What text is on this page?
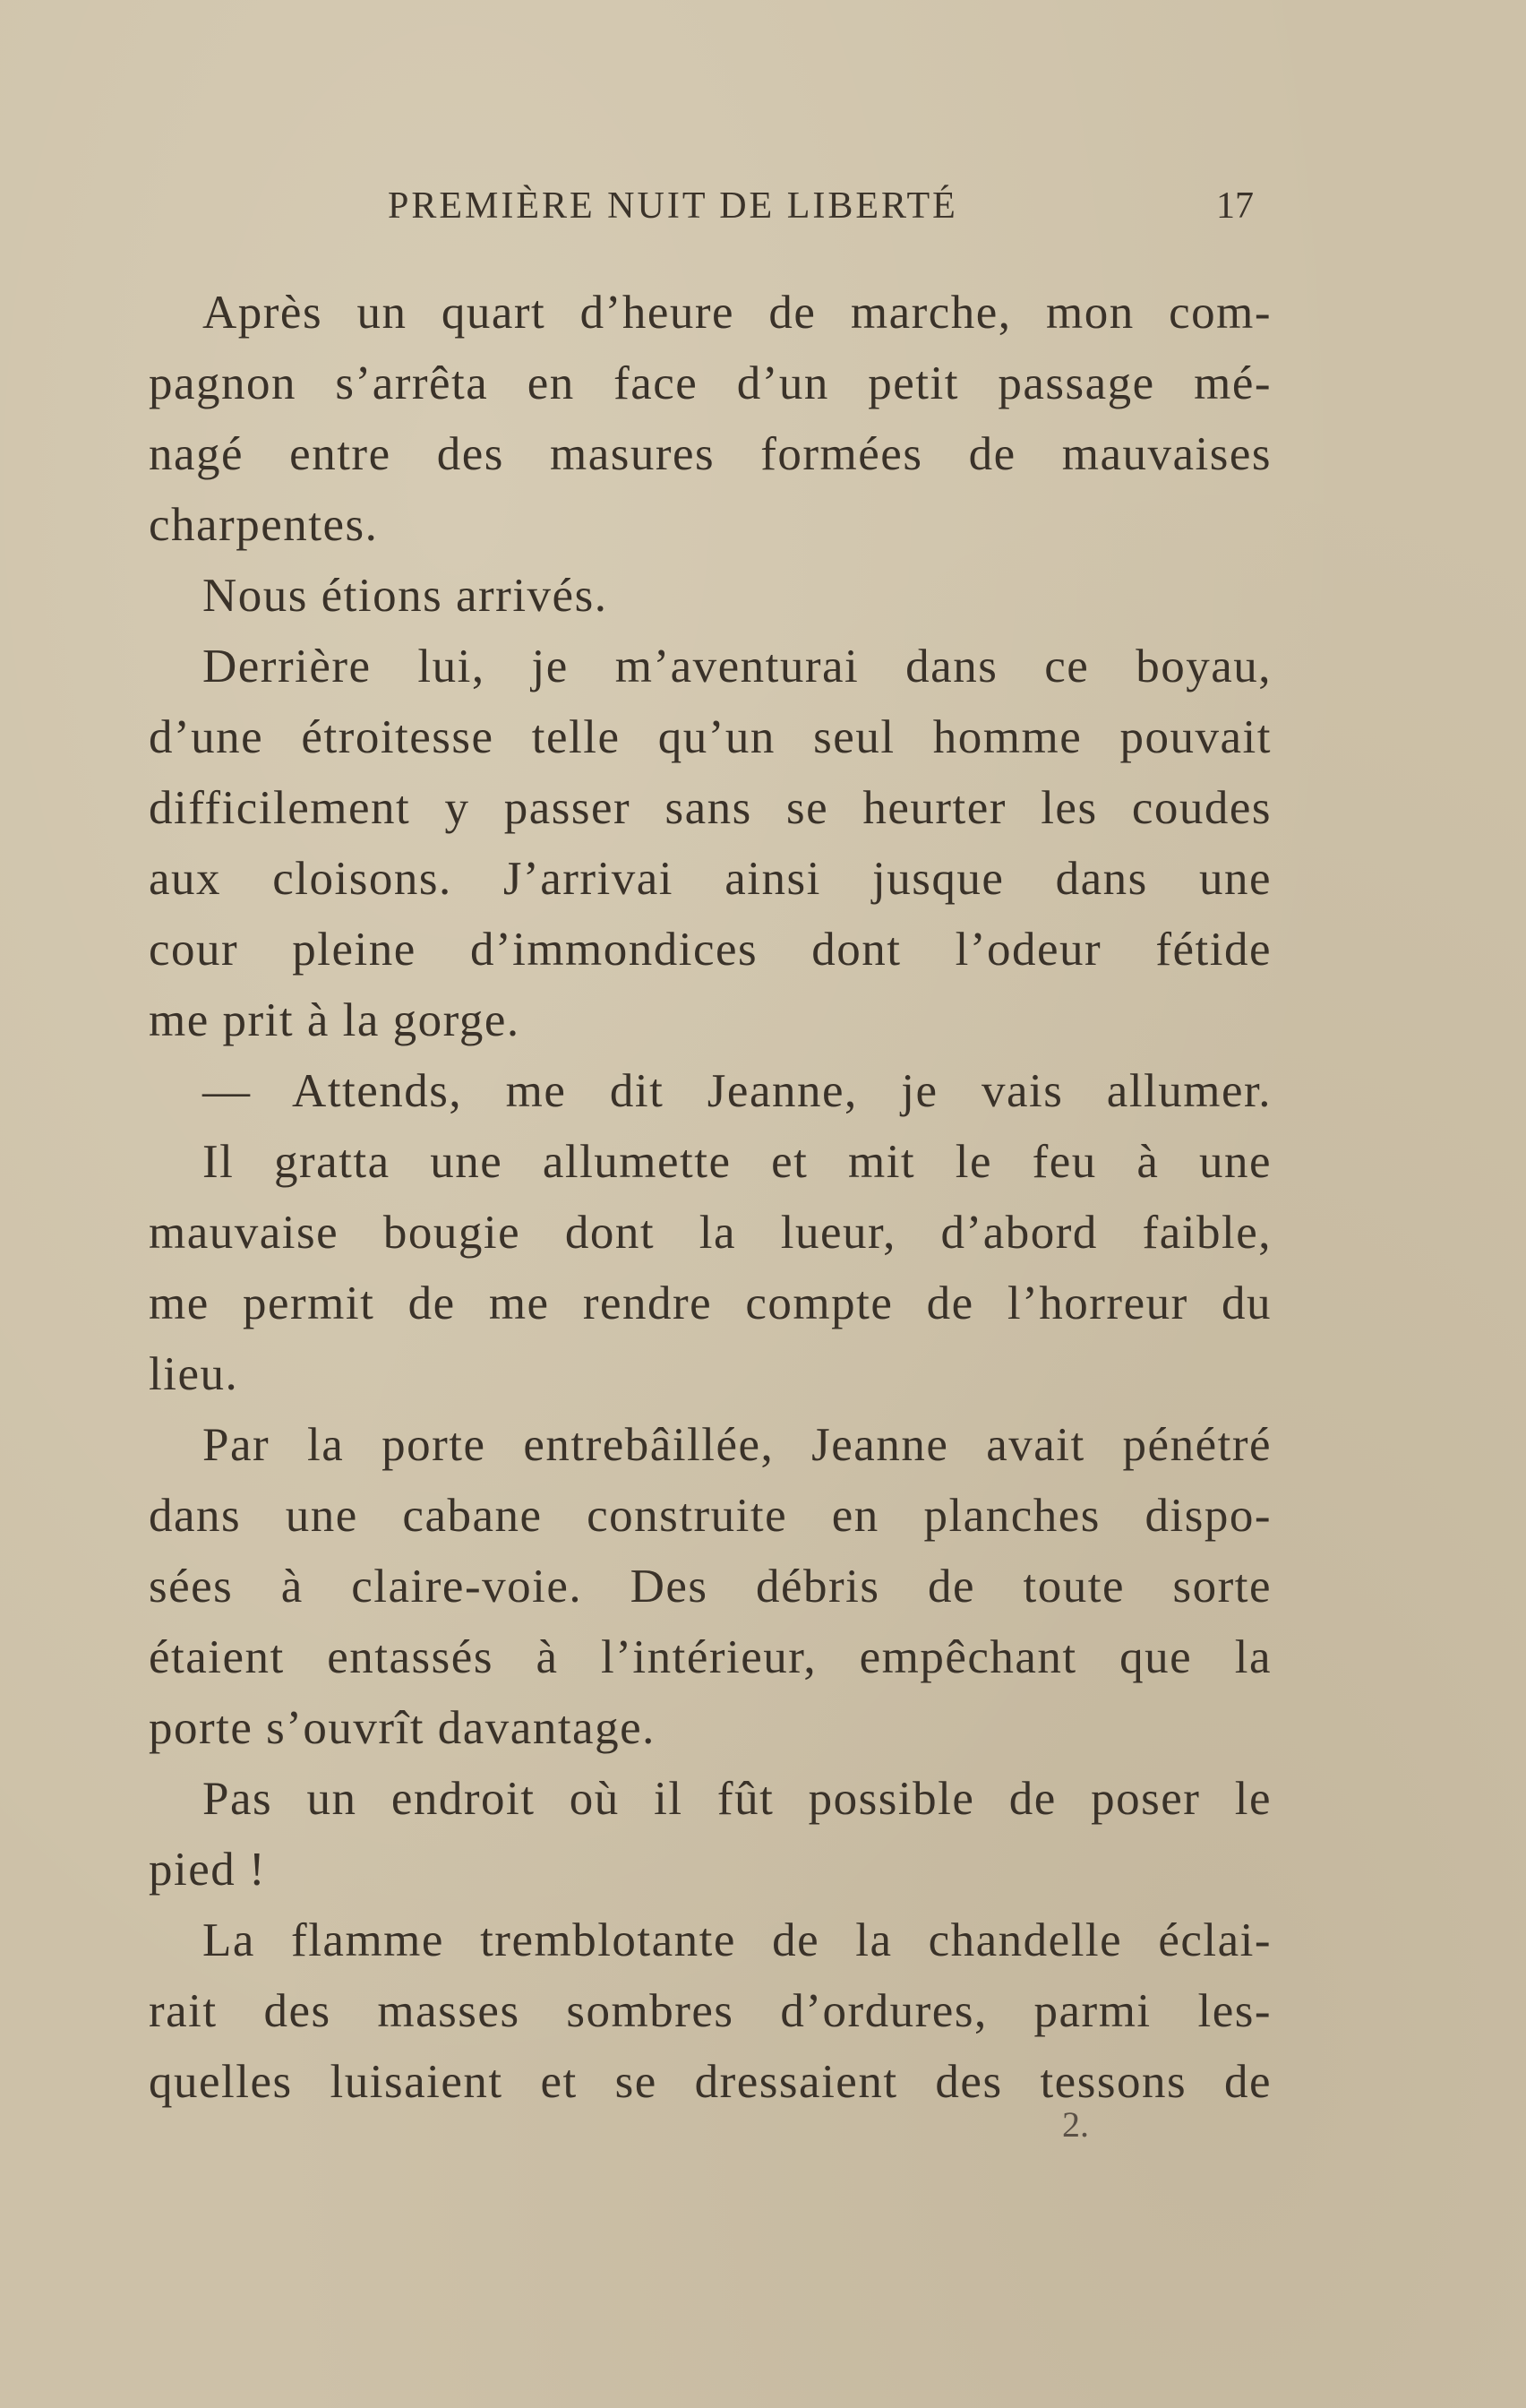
PREMIÈRE NUIT DE LIBERTÉ	17
Après un quart d’heure de marche, mon com-
pagnon s’arrêta en face d’un petit passage mé-
nagé entre des masures formées de mauvaises
charpentes.
Nous étions arrivés.
Derrière lui, je m’aventurai dans ce boyau,
d’une étroitesse telle qu’un seul homme pouvait
difficilement y passer sans se heurter les coudes
aux cloisons. J’arrivai ainsi jusque dans une
cour pleine d’immondices dont l’odeur fétide
me prit à la gorge.
— Attends, me dit Jeanne, je vais allumer.
Il gratta une allumette et mit le feu à une
mauvaise bougie dont la lueur, d’abord faible,
me permit de me rendre compte de l’horreur du
lieu.
Par la porte entrebâillée, Jeanne avait pénétré
dans une cabane construite en planches dispo-
sées à claire-voie. Des débris de toute sorte
étaient entassés à l’intérieur, empêchant que la
porte s’ouvrît davantage.
Pas un endroit où il fût possible de poser le
pied !
La flamme tremblotante de la chandelle éclai-
rait des masses sombres d’ordures, parmi les-
quelles luisaient et se dressaient des tessons de
2.
